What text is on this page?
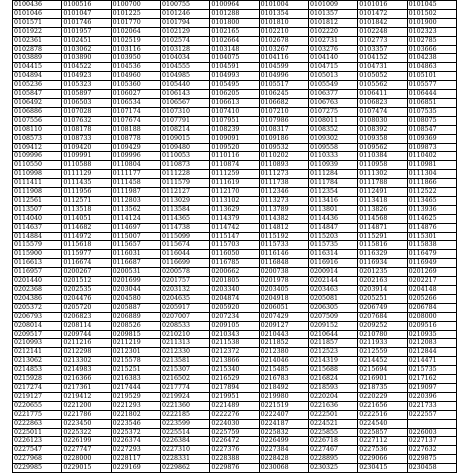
0100436	0100516	0100700	0100755	0100964	0101004	0101009	0101016	0101045
0101046	0101047	0101225	0101246	0101288	0101354	0101357	0101472	0101502
0101571	0101746	0101770	0101794	0101800	0101810	0101812	0101842	0101900
0101922	0101957	0102064	0102129	0102165	0102210	0102220	0102248	0102323
0102361	0102451	0102519	0102574	0102664	0102678	0102731	0102773	0102785
0102878	0103062	0103116	0103128	0103148	0103267	0103276	0103357	0103666
0103889	0103890	0103950	0104034	0104075	0104116	0104140	0104152	0104238
0104415	0104522	0104536	0104555	0104591	0104599	0104715	0104731	0104863
0104894	0104923	0104960	0104985	0104993	0104996	0105013	0105052	0105101
0105236	0105323	0105360	0105440	0105495	0105517	0105549	0105562	0105577
0105847	0105897	0106027	0106143	0106205	0106245	0106377	0106411	0106444
0106492	0106503	0106534	0106567	0106613	0106682	0106763	0106823	0106851
0106886	0107028	0107174	0107310	0107410	0107210	0107275	0107474	0107535
0107556	0107632	0107674	0107791	0107951	0107986	0108011	0108030	0108075
0108110	0108178	0108188	0108214	0108239	0108317	0108352	0108392	0108547
0108573	0108733	0108778	0109015	0109091	0109186	0109302	0109358	0109369
0109412	0109420	0109429	0109480	0109520	0109532	0109558	0109562	0109873
0109996	0109991	0109996	0110053	0110116	0110202	0110333	0110384	0110402
0110550	0110588	0110804	0110873	0110874	0110893	0110939	0110958	0110981
0110998	0111129	0111177	0111228	0111259	0111273	0111284	0111302	0111304
0111411	0111435	0111458	0111579	0111619	0111738	0111784	0111788	0111866
0111908	0111956	0111987	0112127	0112170	0112346	0112354	0112491	0112522
0112561	0112571	0112803	0113029	0113102	0113273	0113416	0113418	0113465
0113507	0113518	0113562	0113584	0113629	0113789	0113801	0113826	0113936
0114040	0114051	0114124	0114365	0114379	0114382	0114436	0114568	0114625
0114637	0114682	0114697	0114738	0114742	0114812	0114847	0114871	0114876
0114884	0114972	0115007	0115099	0115147	0115192	0115203	0115291	0115301
0115579	0115618	0115657	0115674	0115703	0115733	0115735	0115816	0115838
0115900	0115977	0116031	0116044	0116050	0116146	0116314	0116329	0116479
0116613	0116674	0116687	0116699	0116785	0116848	0116916	0116934	0116949
0116957	0200267	0200531	0200578	0200662	0200738	0200914	0201235	0201269
0201440	0201512	0201699	0201757	0201805	0201978	0202144	0202163	0202217
0202368	0202535	0203044	0203132	0203340	0203405	0203463	0203914	0204148
0204386	0204476	0204580	0204635	0204874	0204918	0205081	0205251	0205266
0205372	0205720	0205887	0205917	0205920	0206051	0206305	0206749	0206784
0206793	0206823	0206889	0207007	0207234	0207429	0207509	0207684	0208000
0208014	0208114	0208526	0208533	0209105	0209127	0209152	0209252	0209516
0209517	0209744	0209815	0210210	0210343	0210443	0210644	0210780	0210935
0210993	0211216	0211219	0211313	0211538	0211852	0211857	0211933	0212083
0212141	0212298	0212301	0212330	0212372	0212380	0212523	0212559	0212844
0213062	0213302	0215578	0213581	0213866	0214046	0214319	0214452	0214471
0214853	0214983	0215251	0215307	0215340	0215485	0215688	0215694	0215735
0215928	0216366	0216383	0216502	0216529	0216783	0216824	0216901	0217162
0217274	0217361	0217444	0217774	0217894	0218492	0218593	0218735	0219097
0219127	0219412	0219529	0219924	0219951	0219980	0220204	0220229	0220396
0220655	0221200	0221293	0221360	0221489	0221519	0221636	0221656	0221733
0221775	0221786	0221802	0222185	0222276	0222407	0222501	0222516	0222557
0222863	0223450	0223546	0223599	0224030	0224187	0224521	0224540	
0225011	0225322	0225372	0225514	0225759	0225832	0225855	0225857	0226003
0226123	0226199	0226374	0226384	0226472	0226499	0226718	0227112	0227137
0227547	0227747	0227293	0227310	0227376	0227384	0227467	0227536	0227632
0227968	0228000	0228117	0228331	0228388	0228428	0228895	0229066	0229875
0229985	0229015	0229169	0229862	0229876	0230068	0230325	0230415	0230458
